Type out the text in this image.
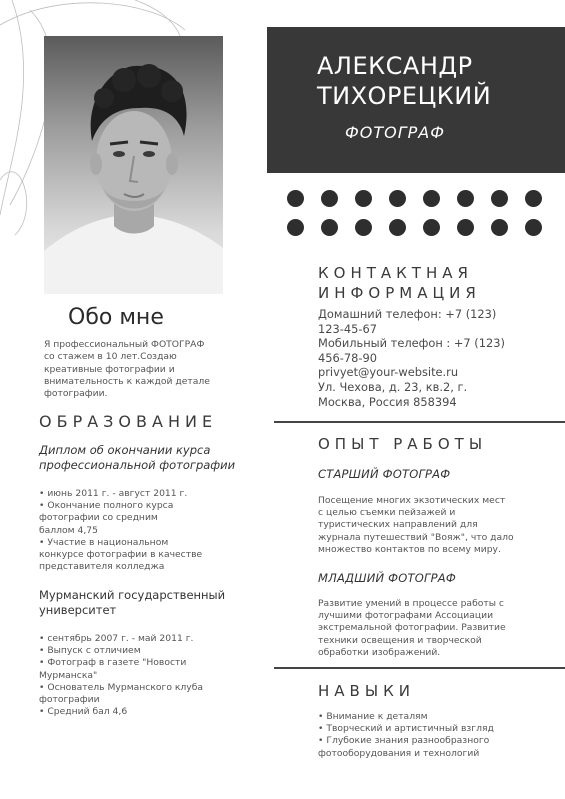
АЛЕКСАНДР
ТИХОРЕЦКИЙ
ФОТОГРАФ
Обо мне
Я профессиональный ФОТОГРАФ
со стажем в 10 лет.Создаю
креативные фотографии и
внимательность к каждой детале
фотографии.
ОБРАЗОВАНИЕ
Диплом об окончании курса
профессиональной фотографии
• июнь 2011 г. - август 2011 г.
• Окончание полного курса
фотографии со средним
баллом 4,75
• Участие в национальном
конкурсе фотографии в качестве
представителя колледжа
Мурманский государственный
университет
• сентябрь 2007 г. - май 2011 г.
• Выпуск с отличием
• Фотограф в газете "Новости
Мурманска"
• Основатель Мурманского клуба
фотографии
• Средний бал 4,6
КОНТАКТНАЯ
ИНФОРМАЦИЯ
Домашний телефон: +7 (123)
123-45-67
Мобильный телефон : +7 (123)
456-78-90
privyet@your-website.ru
Ул. Чехова, д. 23, кв.2, г.
Москва, Россия 858394
ОПЫТ РАБОТЫ
СТАРШИЙ ФОТОГРАФ
Посещение многих экзотических мест
с целью съемки пейзажей и
туристических направлений для
журнала путешествий "Вояж", что дало
множество контактов по всему миру.
МЛАДШИЙ ФОТОГРАФ
Развитие умений в процессе работы с
лучшими фотографами Ассоциации
экстремальной фотографии. Развитие
техники освещения и творческой
обработки изображений.
НАВЫКИ
• Внимание к деталям
• Творческий и артистичный взгляд
• Глубокие знания разнообразного
фотооборудования и технологий
